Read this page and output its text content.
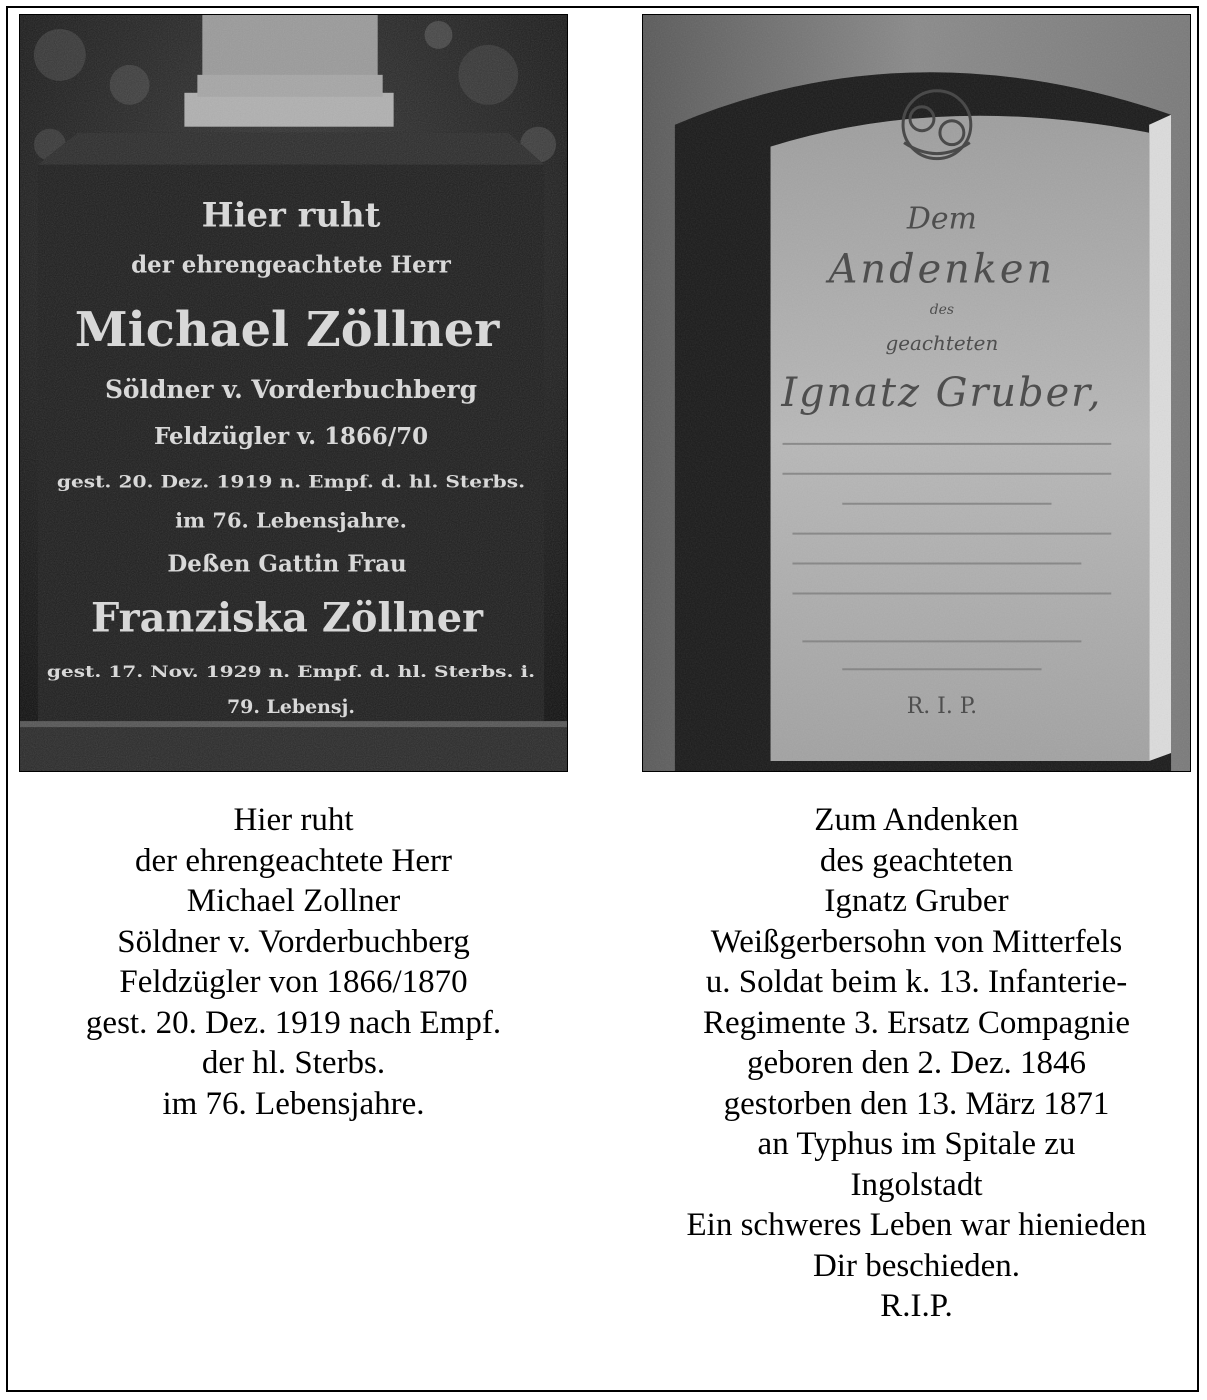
Hier ruht
der ehrengeachtete Herr
Michael Zöllner
Söldner v. Vorderbuchberg
Feldzügler v. 1866/70
gest. 20. Dez. 1919 n. Empf. d. hl. Sterbs.
im 76. Lebensjahre.
Deßen Gattin Frau
Franziska Zöllner
gest. 17. Nov. 1929 n. Empf. d. hl. Sterbs. i.
79. Lebensj.
Dem
Andenken
des
geachteten
Ignatz Gruber,
R. I. P.
Hier ruht
der ehrengeachtete Herr
Michael Zollner
Söldner v. Vorderbuchberg
Feldzügler von 1866/1870
gest. 20. Dez. 1919 nach Empf.
der hl. Sterbs.
im 76. Lebensjahre.
Zum Andenken
des geachteten
Ignatz Gruber
Weißgerbersohn von Mitterfels
u. Soldat beim k. 13. Infanterie-
Regimente 3. Ersatz Compagnie
geboren den 2. Dez. 1846
gestorben den 13. März 1871
an Typhus im Spitale zu
Ingolstadt
Ein schweres Leben war hienieden
Dir beschieden.
R.I.P.
